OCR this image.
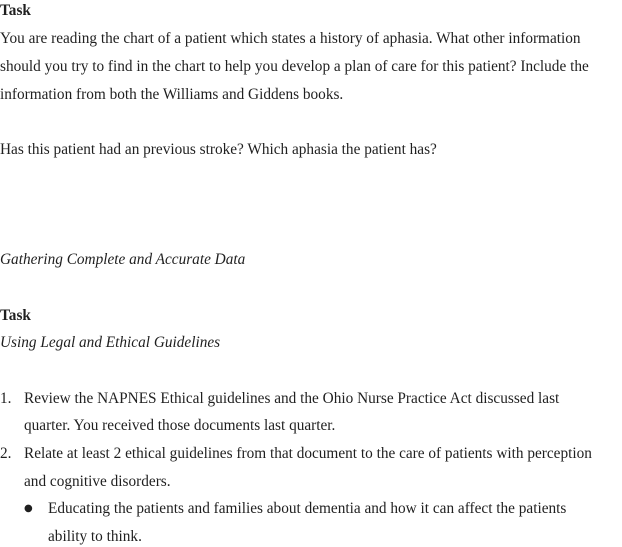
Task
You are reading the chart of a patient which states a history of aphasia. What other information
should you try to find in the chart to help you develop a plan of care for this patient? Include the
information from both the Williams and Giddens books.
Has this patient had an previous stroke? Which aphasia the patient has?
Gathering Complete and Accurate Data
Task
Using Legal and Ethical Guidelines
1. Review the NAPNES Ethical guidelines and the Ohio Nurse Practice Act discussed last
quarter. You received those documents last quarter.
2. Relate at least 2 ethical guidelines from that document to the care of patients with perception
and cognitive disorders.
● Educating the patients and families about dementia and how it can affect the patients
ability to think.
